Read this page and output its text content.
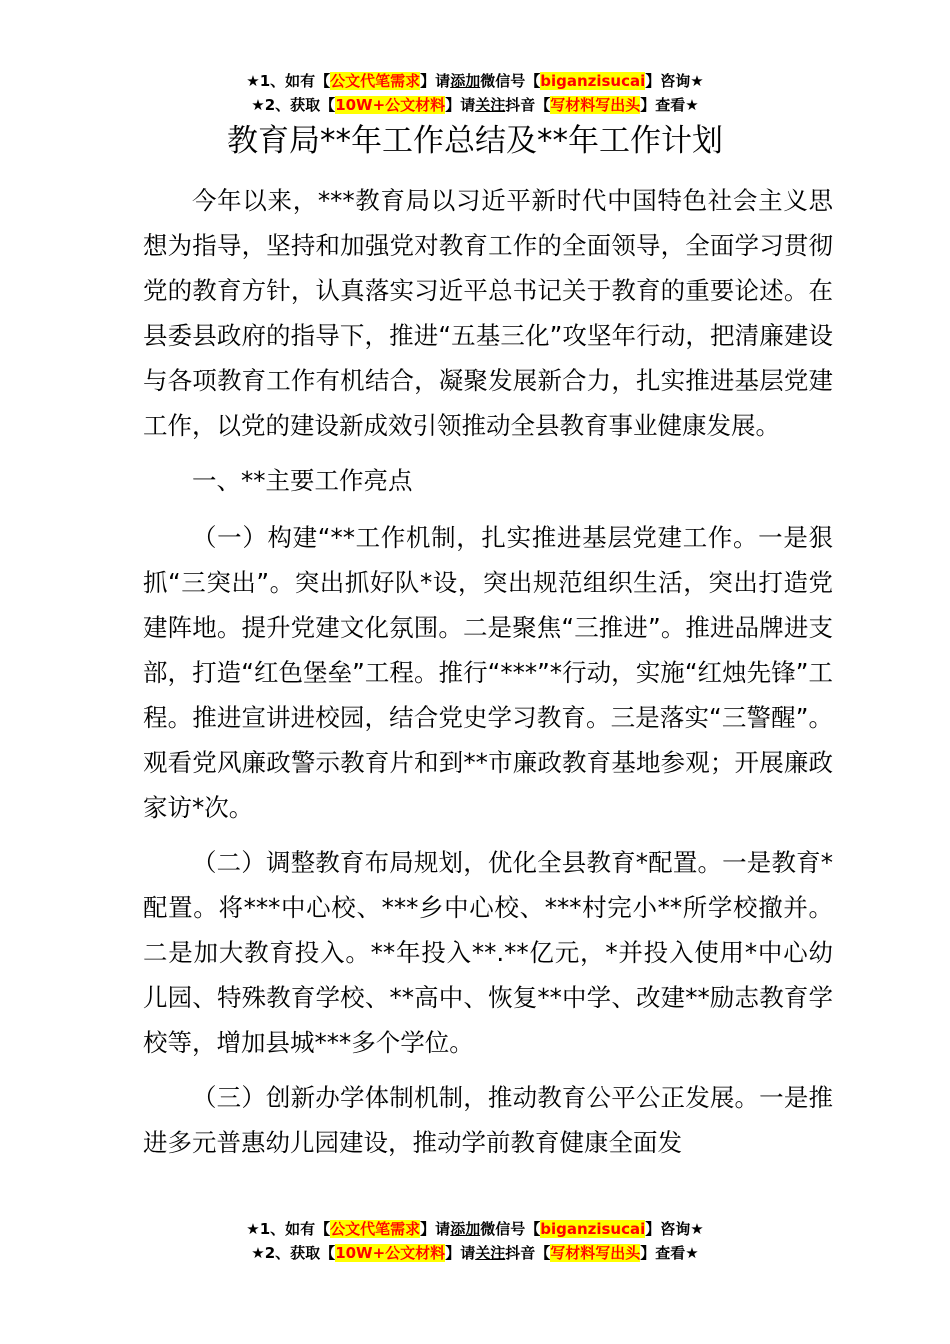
★1、如有【公文代笔需求】请添加微信号【biganzisucai】咨询★
★2、获取【10W+公文材料】请关注抖音【写材料写出头】查看★
教育局**年工作总结及**年工作计划

今年以来，***教育局以习近平新时代中国特色社会主义思想为指导，坚持和加强党对教育工作的全面领导，全面学习贯彻党的教育方针，认真落实习近平总书记关于教育的重要论述。在县委县政府的指导下，推进“五基三化”攻坚年行动，把清廉建设与各项教育工作有机结合，凝聚发展新合力，扎实推进基层党建工作，以党的建设新成效引领推动全县教育事业健康发展。

一、**主要工作亮点

（一）构建“**工作机制，扎实推进基层党建工作。一是狠抓“三突出”。突出抓好队*设，突出规范组织生活，突出打造党建阵地。提升党建文化氛围。二是聚焦“三推进”。推进品牌进支部，打造“红色堡垒”工程。推行“***”*行动，实施“红烛先锋”工程。推进宣讲进校园，结合党史学习教育。三是落实“三警醒”。观看党风廉政警示教育片和到**市廉政教育基地参观；开展廉政家访*次。

（二）调整教育布局规划，优化全县教育*配置。一是教育*配置。将***中心校、***乡中心校、***村完小**所学校撤并。二是加大教育投入。**年投入**.**亿元，*并投入使用*中心幼儿园、特殊教育学校、**高中、恢复**中学、改建**励志教育学校等，增加县城***多个学位。

（三）创新办学体制机制，推动教育公平公正发展。一是推进多元普惠幼儿园建设，推动学前教育健康全面发

★1、如有【公文代笔需求】请添加微信号【biganzisucai】咨询★
★2、获取【10W+公文材料】请关注抖音【写材料写出头】查看★
